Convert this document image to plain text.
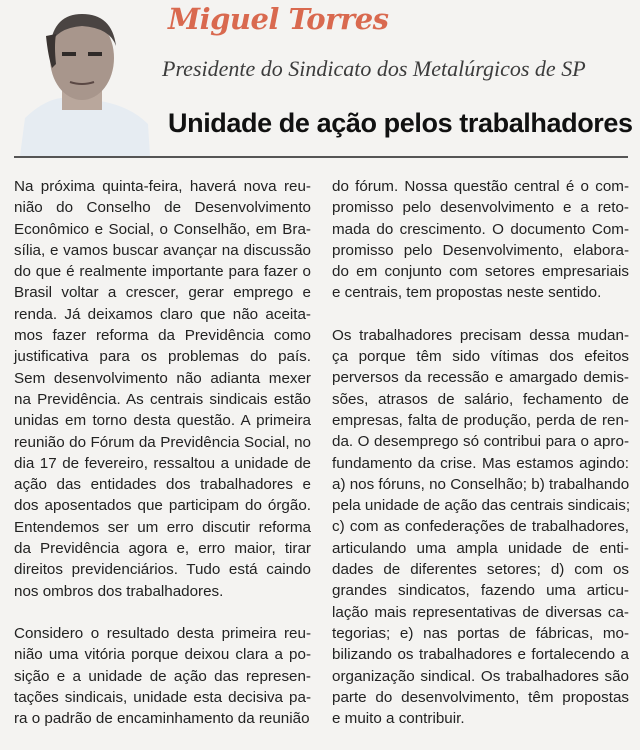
Miguel Torres
Presidente do Sindicato dos Metalúrgicos de SP
Unidade de ação pelos trabalhadores
Na próxima quinta-feira, haverá nova reu-
nião do Conselho de Desenvolvimento
Econômico e Social, o Conselhão, em Bra-
sília, e vamos buscar avançar na discussão
do que é realmente importante para fazer o
Brasil voltar a crescer, gerar emprego e
renda. Já deixamos claro que não aceita-
mos fazer reforma da Previdência como
justificativa para os problemas do país.
Sem desenvolvimento não adianta mexer
na Previdência. As centrais sindicais estão
unidas em torno desta questão. A primeira
reunião do Fórum da Previdência Social, no
dia 17 de fevereiro, ressaltou a unidade de
ação das entidades dos trabalhadores e
dos aposentados que participam do órgão.
Entendemos ser um erro discutir reforma
da Previdência agora e, erro maior, tirar
direitos previdenciários. Tudo está caindo
nos ombros dos trabalhadores.
Considero o resultado desta primeira reu-
nião uma vitória porque deixou clara a po-
sição e a unidade de ação das represen-
tações sindicais, unidade esta decisiva pa-
ra o padrão de encaminhamento da reunião
do fórum. Nossa questão central é o com-
promisso pelo desenvolvimento e a reto-
mada do crescimento. O documento Com-
promisso pelo Desenvolvimento, elabora-
do em conjunto com setores empresariais
e centrais, tem propostas neste sentido.
Os trabalhadores precisam dessa mudan-
ça porque têm sido vítimas dos efeitos
perversos da recessão e amargado demis-
sões, atrasos de salário, fechamento de
empresas, falta de produção, perda de ren-
da. O desemprego só contribui para o apro-
fundamento da crise. Mas estamos agindo:
a) nos fóruns, no Conselhão; b) trabalhando
pela unidade de ação das centrais sindicais;
c) com as confederações de trabalhadores,
articulando uma ampla unidade de enti-
dades de diferentes setores; d) com os
grandes sindicatos, fazendo uma articu-
lação mais representativas de diversas ca-
tegorias; e) nas portas de fábricas, mo-
bilizando os trabalhadores e fortalecendo a
organização sindical. Os trabalhadores são
parte do desenvolvimento, têm propostas
e muito a contribuir.
